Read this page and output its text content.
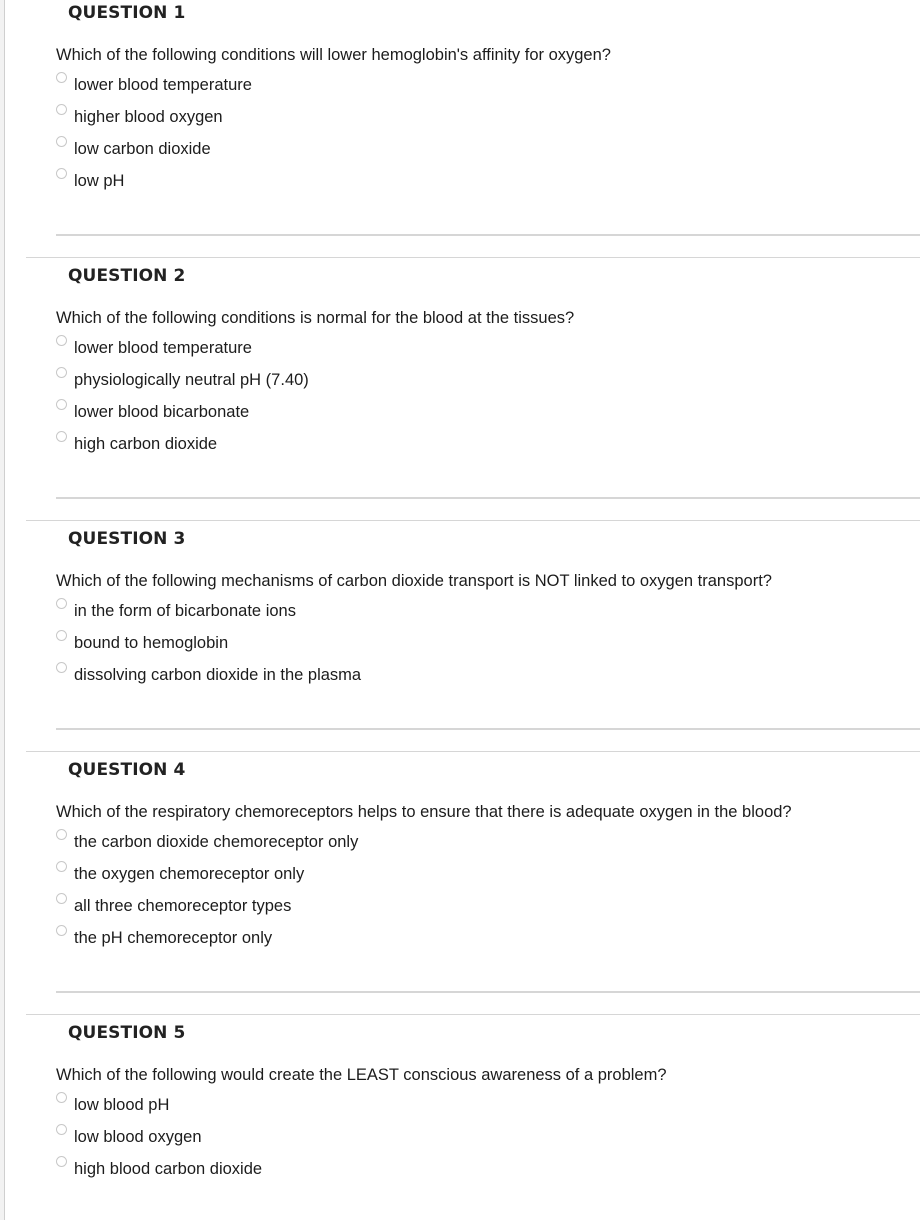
QUESTION 1
Which of the following conditions will lower hemoglobin's affinity for oxygen?
lower blood temperature
higher blood oxygen
low carbon dioxide
low pH
QUESTION 2
Which of the following conditions is normal for the blood at the tissues?
lower blood temperature
physiologically neutral pH (7.40)
lower blood bicarbonate
high carbon dioxide
QUESTION 3
Which of the following mechanisms of carbon dioxide transport is NOT linked to oxygen transport?
in the form of bicarbonate ions
bound to hemoglobin
dissolving carbon dioxide in the plasma
QUESTION 4
Which of the respiratory chemoreceptors helps to ensure that there is adequate oxygen in the blood?
the carbon dioxide chemoreceptor only
the oxygen chemoreceptor only
all three chemoreceptor types
the pH chemoreceptor only
QUESTION 5
Which of the following would create the LEAST conscious awareness of a problem?
low blood pH
low blood oxygen
high blood carbon dioxide
